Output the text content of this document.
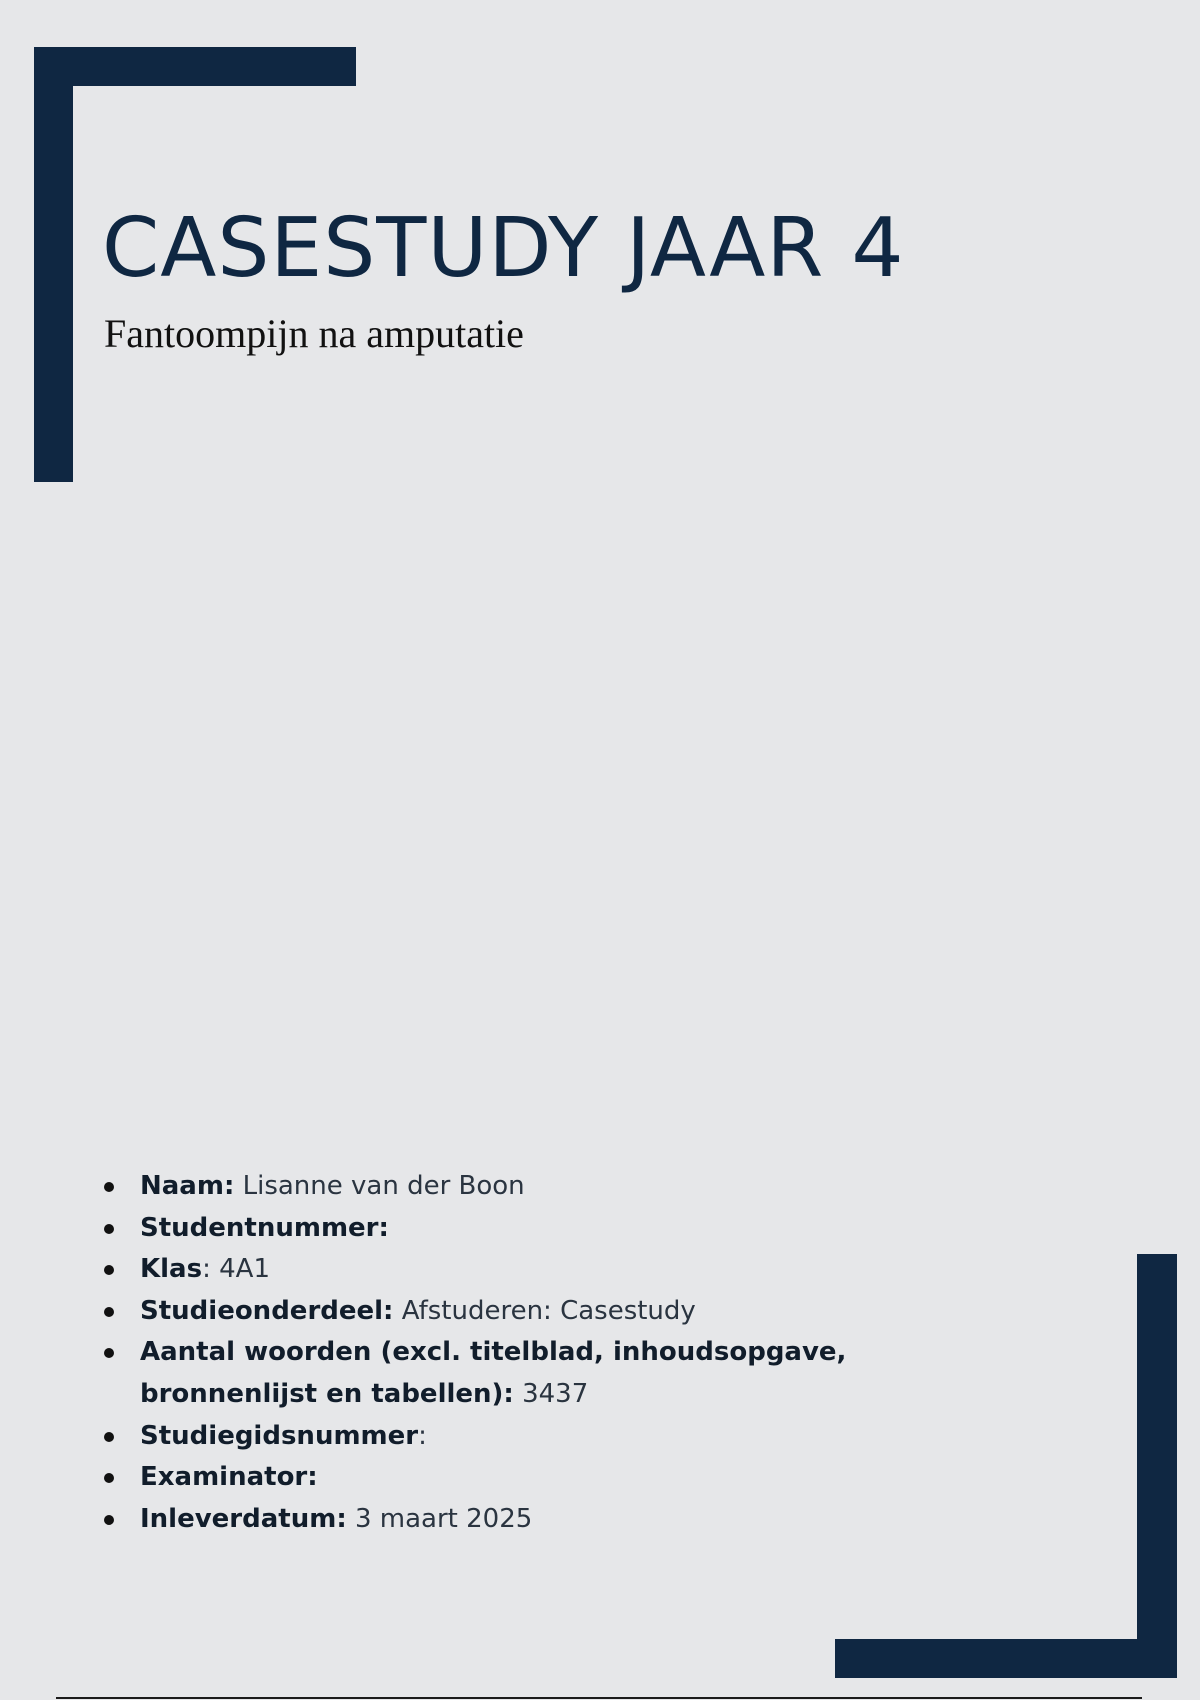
CASESTUDY JAAR 4

Fantoompijn na amputatie

Naam: Lisanne van der Boon
Studentnummer:
Klas: 4A1
Studieonderdeel: Afstuderen: Casestudy
Aantal woorden (excl. titelblad, inhoudsopgave, bronnenlijst en tabellen): 3437
Studiegidsnummer:
Examinator:
Inleverdatum: 3 maart 2025
